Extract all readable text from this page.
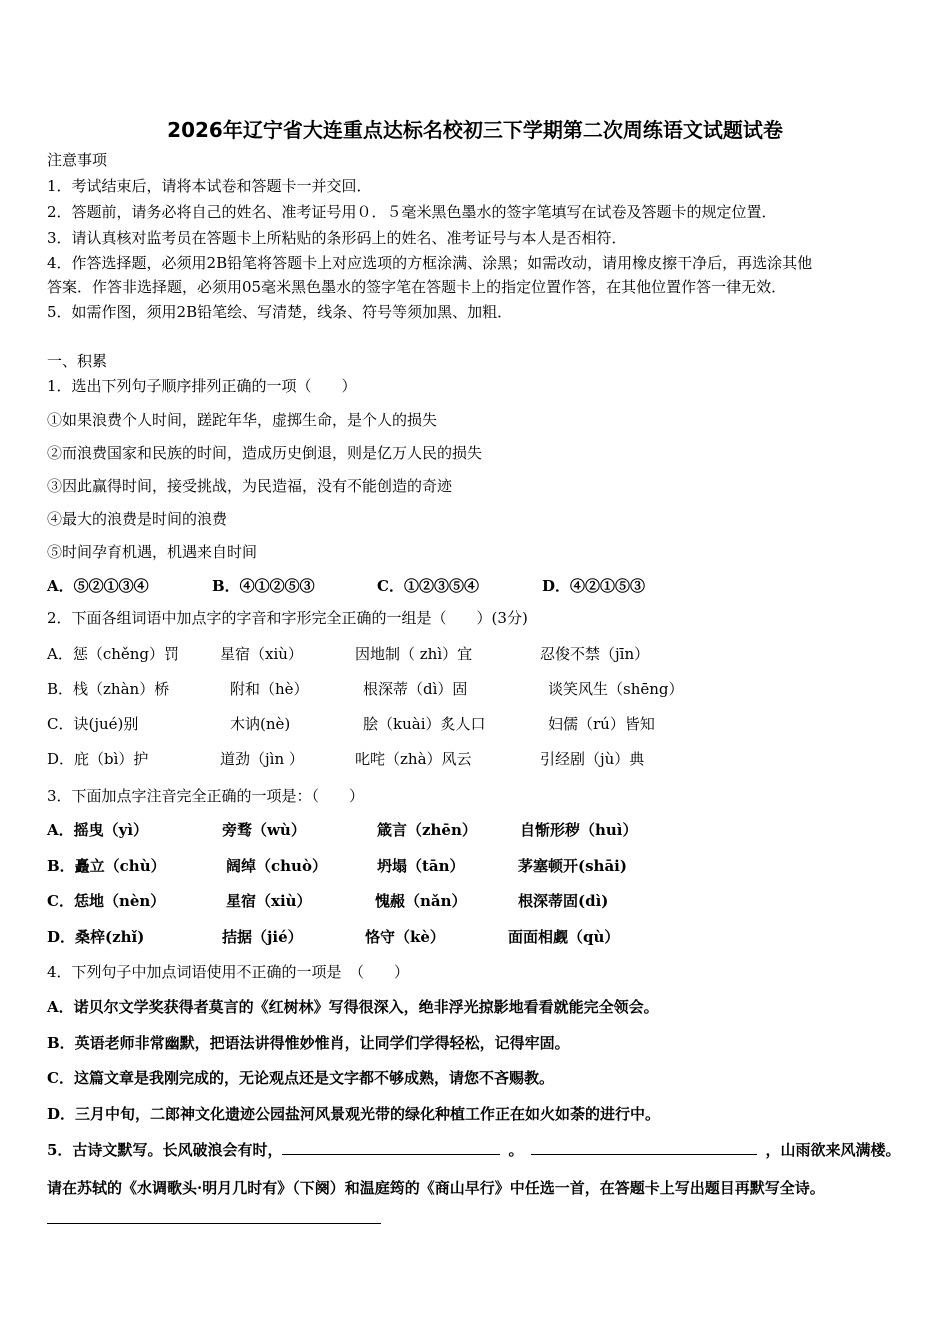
2026年辽宁省大连重点达标名校初三下学期第二次周练语文试题试卷
注意事项
1．考试结束后，请将本试卷和答题卡一并交回．
2．答题前，请务必将自己的姓名、准考证号用０．５毫米黑色墨水的签字笔填写在试卷及答题卡的规定位置．
3．请认真核对监考员在答题卡上所粘贴的条形码上的姓名、准考证号与本人是否相符．
4．作答选择题，必须用2B铅笔将答题卡上对应选项的方框涂满、涂黑；如需改动，请用橡皮擦干净后，再选涂其他
答案．作答非选择题，必须用05毫米黑色墨水的签字笔在答题卡上的指定位置作答，在其他位置作答一律无效．
5．如需作图，须用2B铅笔绘、写清楚，线条、符号等须加黑、加粗．
一、积累
1．选出下列句子顺序排列正确的一项（　　）
①如果浪费个人时间，蹉跎年华，虚掷生命，是个人的损失
②而浪费国家和民族的时间，造成历史倒退，则是亿万人民的损失
③因此赢得时间，接受挑战，为民造福，没有不能创造的奇迹
④最大的浪费是时间的浪费
⑤时间孕育机遇，机遇来自时间
A．⑤②①③④	B．④①②⑤③	C．①②③⑤④	D．④②①⑤③
2．下面各组词语中加点字的字音和字形完全正确的一组是（　　）(3分)
A．惩（chěng）罚	星宿（xiù）	因地制（ zhì）宜	忍俊不禁（jīn）
B．栈（zhàn）桥	附和（hè）	根深蒂（dì）固	谈笑风生（shēng）
C．诀(jué)别	木讷(nè)	脍（kuài）炙人口	妇儒（rú）皆知
D．庇（bì）护	道劲（jìn ）	叱咤（zhà）风云	引经剧（jù）典
3．下面加点字注音完全正确的一项是：（　　）
A．摇曳（yì）	旁骛（wù）	箴言（zhēn）	自惭形秽（huì）
B．矗立（chù）	阔绰（chuò）	坍塌（tān）	茅塞顿开(shāi)
C．恁地（nèn）	星宿（xiù）	愧赧（nǎn）	根深蒂固(dì)
D．桑梓(zhǐ)	拮据（jié）	恪守（kè）	面面相觑（qù）
4．下列句子中加点词语使用不正确的一项是　（　　）
A．诺贝尔文学奖获得者莫言的《红树林》写得很深入，绝非浮光掠影地看看就能完全领会。
B．英语老师非常幽默，把语法讲得惟妙惟肖，让同学们学得轻松，记得牢固。
C．这篇文章是我刚完成的，无论观点还是文字都不够成熟，请您不吝赐教。
D．三月中旬，二郎神文化遗迹公园盐河风景观光带的绿化种植工作正在如火如荼的进行中。
5．古诗文默写。长风破浪会有时，	。	，山雨欲来风满楼。
请在苏轼的《水调歌头·明月几时有》（下阕）和温庭筠的《商山早行》中任选一首，在答题卡上写出题目再默写全诗。
